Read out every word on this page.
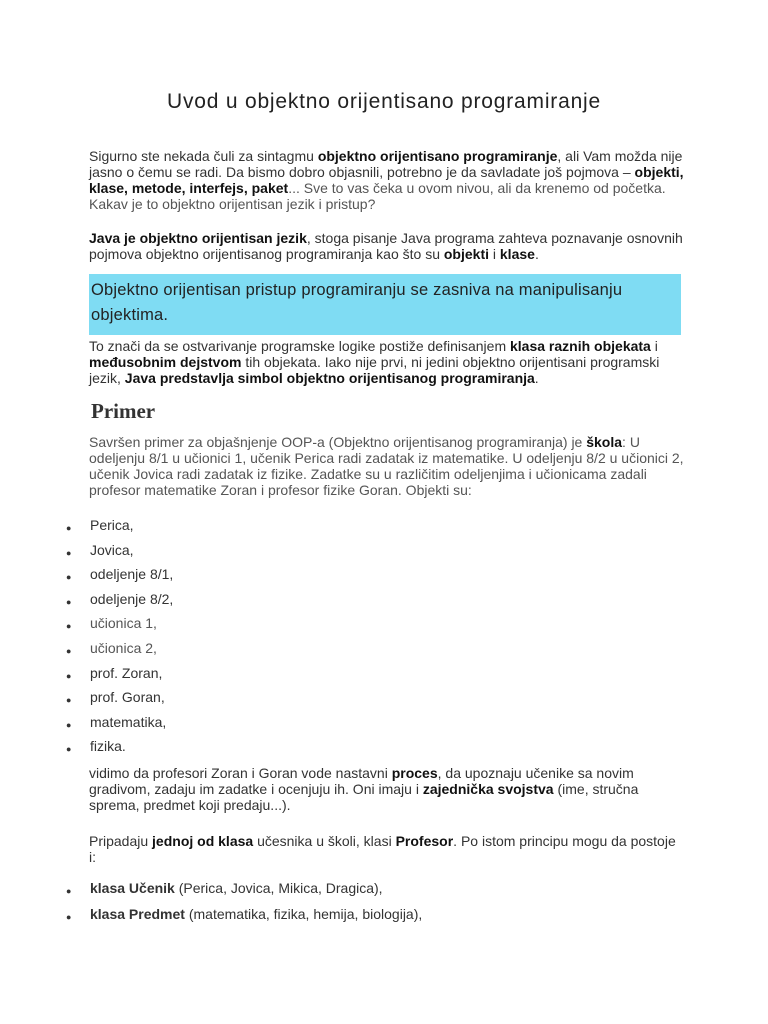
Uvod u objektno orijentisano programiranje
Sigurno ste nekada čuli za sintagmu objektno orijentisano programiranje, ali Vam možda nije jasno o čemu se radi. Da bismo dobro objasnili, potrebno je da savladate još pojmova – objekti, klase, metode, interfejs, paket... Sve to vas čeka u ovom nivou, ali da krenemo od početka. Kakav je to objektno orijentisan jezik i pristup?
Java je objektno orijentisan jezik, stoga pisanje Java programa zahteva poznavanje osnovnih pojmova objektno orijentisanog programiranja kao što su objekti i klase.
Objektno orijentisan pristup programiranju se zasniva na manipulisanju objektima.
To znači da se ostvarivanje programske logike postiže definisanjem klasa raznih objekata i međusobnim dejstvom tih objekata. Iako nije prvi, ni jedini objektno orijentisani programski jezik, Java predstavlja simbol objektno orijentisanog programiranja.
Primer
Savršen primer za objašnjenje OOP-a (Objektno orijentisanog programiranja) je škola: U odeljenju 8/1 u učionici 1, učenik Perica radi zadatak iz matematike. U odeljenju 8/2 u učionici 2, učenik Jovica radi zadatak iz fizike. Zadatke su u različitim odeljenjima i učionicama zadali profesor matematike Zoran i profesor fizike Goran. Objekti su:
● Perica,
● Jovica,
● odeljenje 8/1,
● odeljenje 8/2,
● učionica 1,
● učionica 2,
● prof. Zoran,
● prof. Goran,
● matematika,
● fizika.
vidimo da profesori Zoran i Goran vode nastavni proces, da upoznaju učenike sa novim gradivom, zadaju im zadatke i ocenjuju ih. Oni imaju i zajednička svojstva (ime, stručna sprema, predmet koji predaju...).
Pripadaju jednoj od klasa učesnika u školi, klasi Profesor. Po istom principu mogu da postoje i:
● klasa Učenik (Perica, Jovica, Mikica, Dragica),
● klasa Predmet (matematika, fizika, hemija, biologija),
